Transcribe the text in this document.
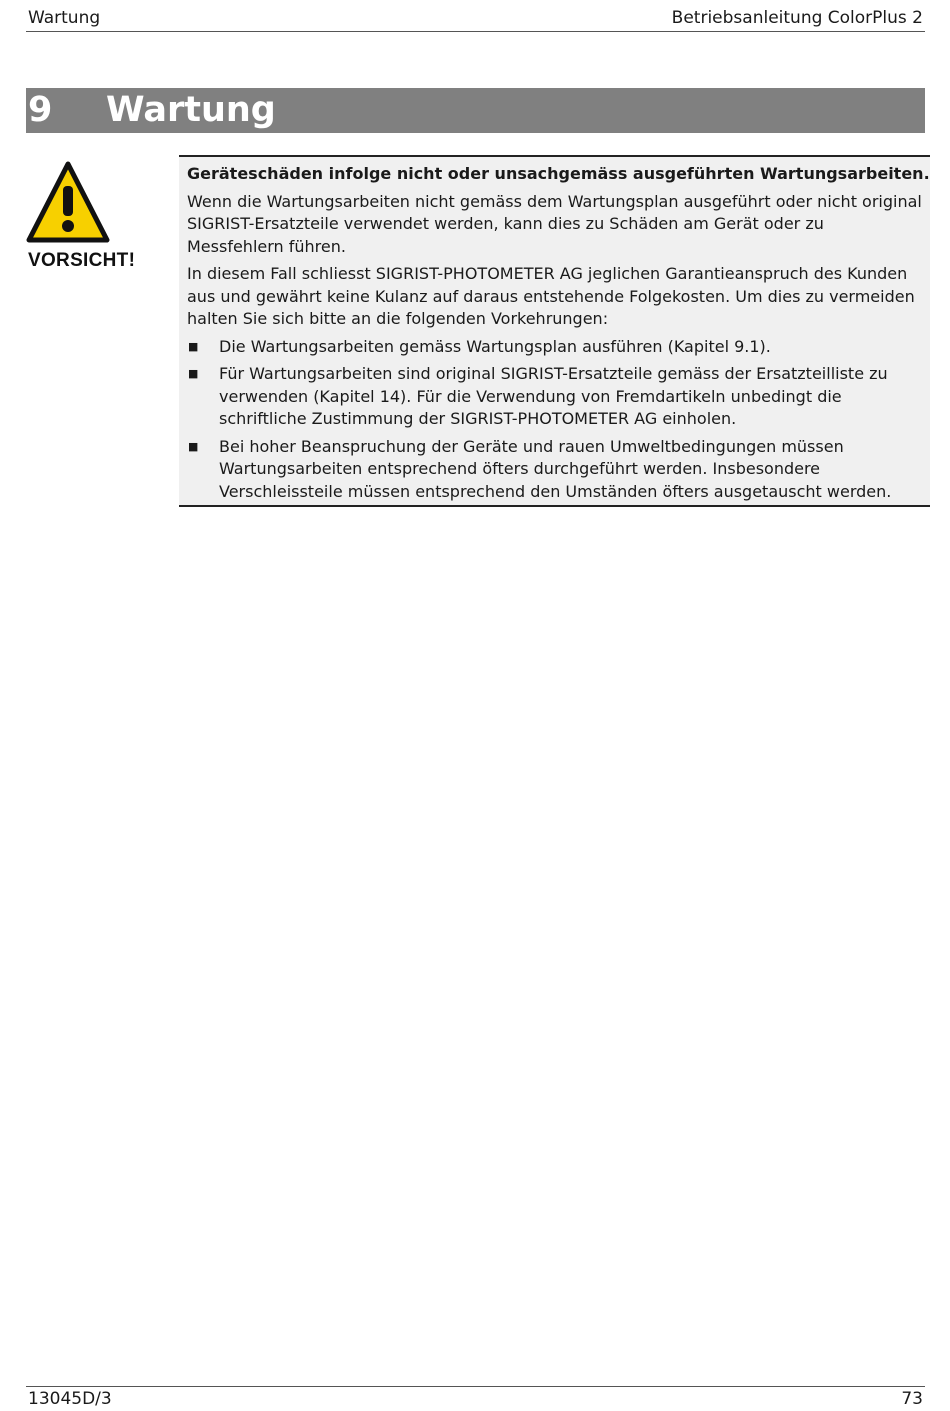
Wartung	Betriebsanleitung ColorPlus 2
9 Wartung
VORSICHT!
Geräteschäden infolge nicht oder unsachgemäss ausgeführten Wartungsarbeiten.

Wenn die Wartungsarbeiten nicht gemäss dem Wartungsplan ausgeführt oder nicht original SIGRIST-Ersatzteile verwendet werden, kann dies zu Schäden am Gerät oder zu Messfehlern führen.

In diesem Fall schliesst SIGRIST-PHOTOMETER AG jeglichen Garantieanspruch des Kunden aus und gewährt keine Kulanz auf daraus entstehende Folgekosten. Um dies zu vermeiden halten Sie sich bitte an die folgenden Vorkehrungen:

■ Die Wartungsarbeiten gemäss Wartungsplan ausführen (Kapitel 9.1).
■ Für Wartungsarbeiten sind original SIGRIST-Ersatzteile gemäss der Ersatzteilliste zu verwenden (Kapitel 14). Für die Verwendung von Fremdartikeln unbedingt die schriftliche Zustimmung der SIGRIST-PHOTOMETER AG einholen.
■ Bei hoher Beanspruchung der Geräte und rauen Umweltbedingungen müssen Wartungsarbeiten entsprechend öfters durchgeführt werden. Insbesondere Verschleissteile müssen entsprechend den Umständen öfters ausgetauscht werden.
13045D/3	73
